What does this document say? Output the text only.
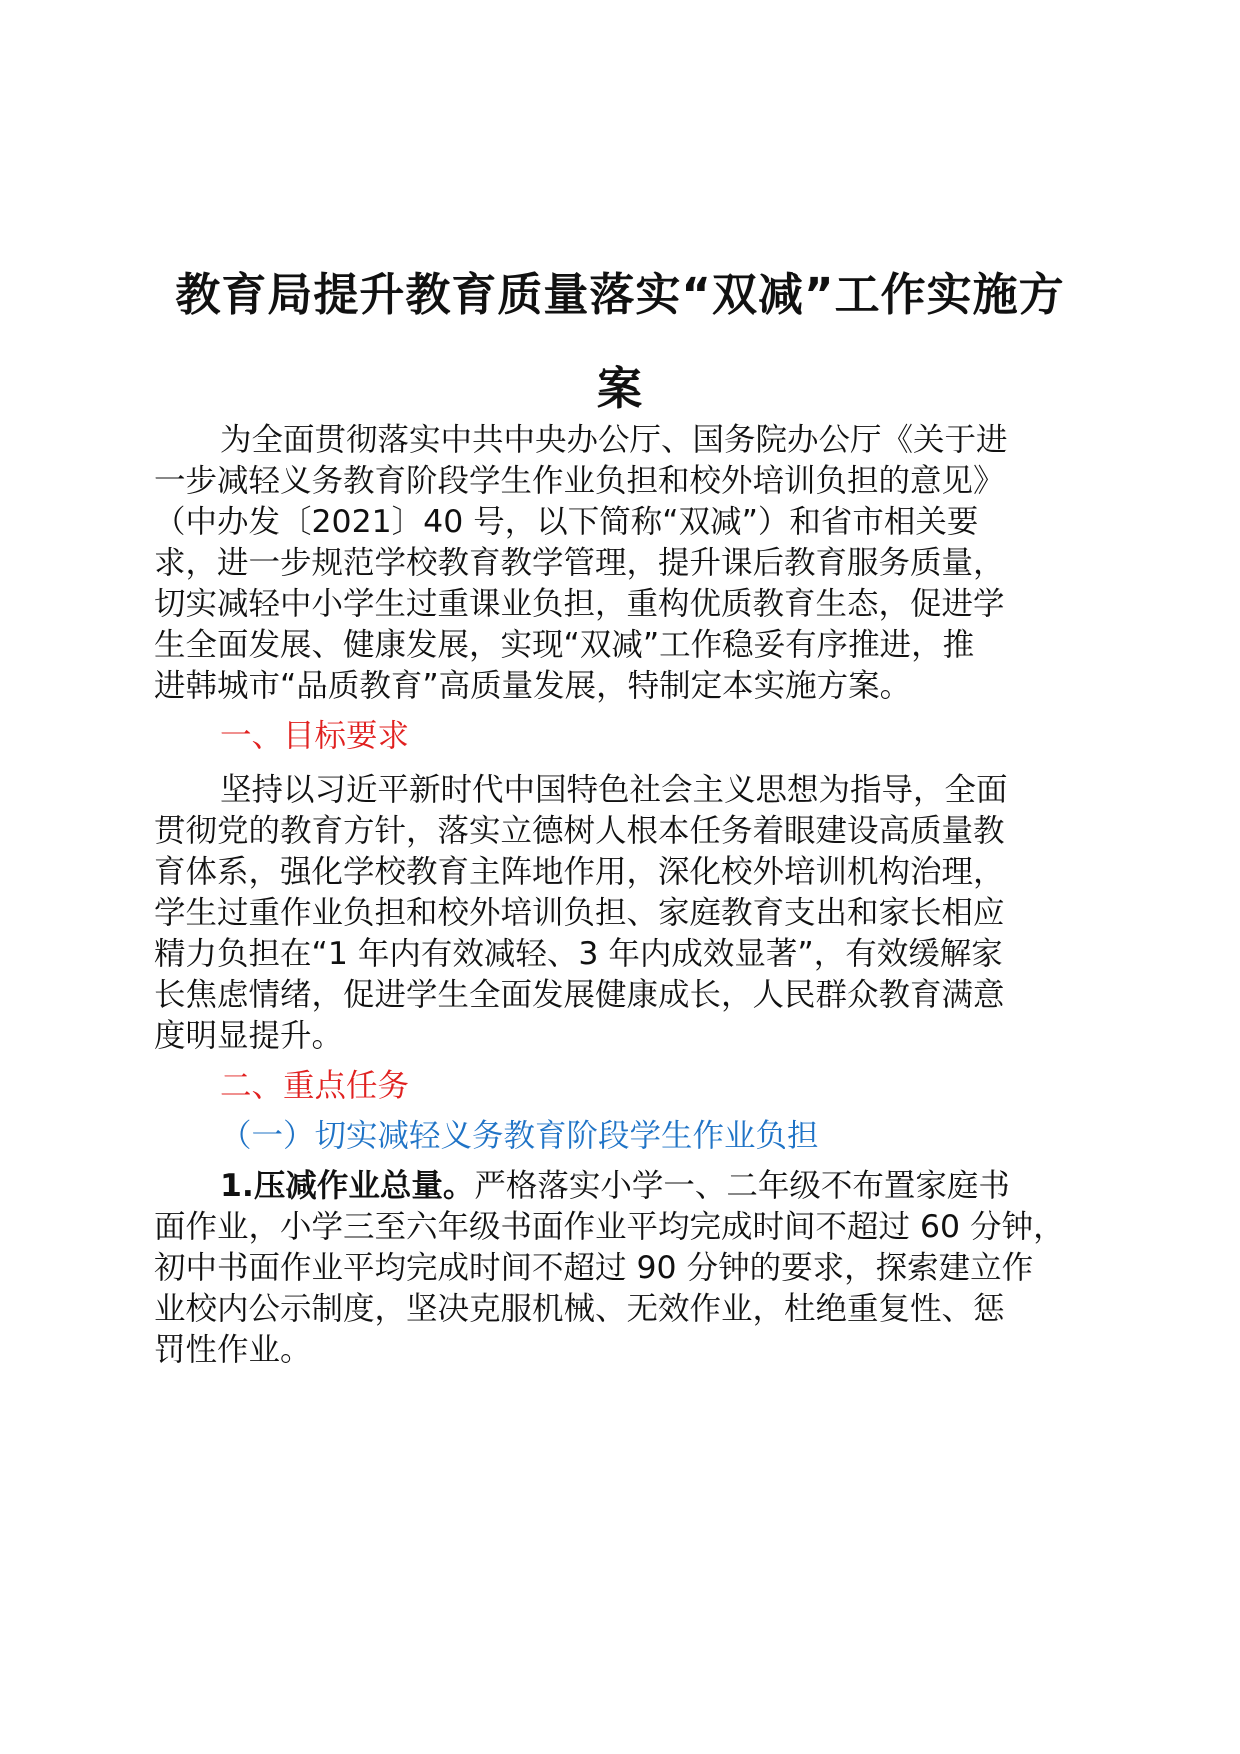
教育局提升教育质量落实“双减”工作实施方
案

为全面贯彻落实中共中央办公厅、国务院办公厅《关于进

一步减轻义务教育阶段学生作业负担和校外培训负担的意见》

（中办发〔2021〕40 号，以下简称“双减”）和省市相关要

求，进一步规范学校教育教学管理，提升课后教育服务质量，

切实减轻中小学生过重课业负担，重构优质教育生态，促进学

生全面发展、健康发展，实现“双减”工作稳妥有序推进，推

进韩城市“品质教育”高质量发展，特制定本实施方案。

一、目标要求

坚持以习近平新时代中国特色社会主义思想为指导，全面

贯彻党的教育方针，落实立德树人根本任务着眼建设高质量教

育体系，强化学校教育主阵地作用，深化校外培训机构治理，

学生过重作业负担和校外培训负担、家庭教育支出和家长相应

精力负担在“1 年内有效减轻、3 年内成效显著”，有效缓解家

长焦虑情绪，促进学生全面发展健康成长，人民群众教育满意

度明显提升。

二、重点任务

（一）切实减轻义务教育阶段学生作业负担

1.压减作业总量。严格落实小学一、二年级不布置家庭书

面作业，小学三至六年级书面作业平均完成时间不超过 60 分钟，

初中书面作业平均完成时间不超过 90 分钟的要求，探索建立作

业校内公示制度，坚决克服机械、无效作业，杜绝重复性、惩

罚性作业。
